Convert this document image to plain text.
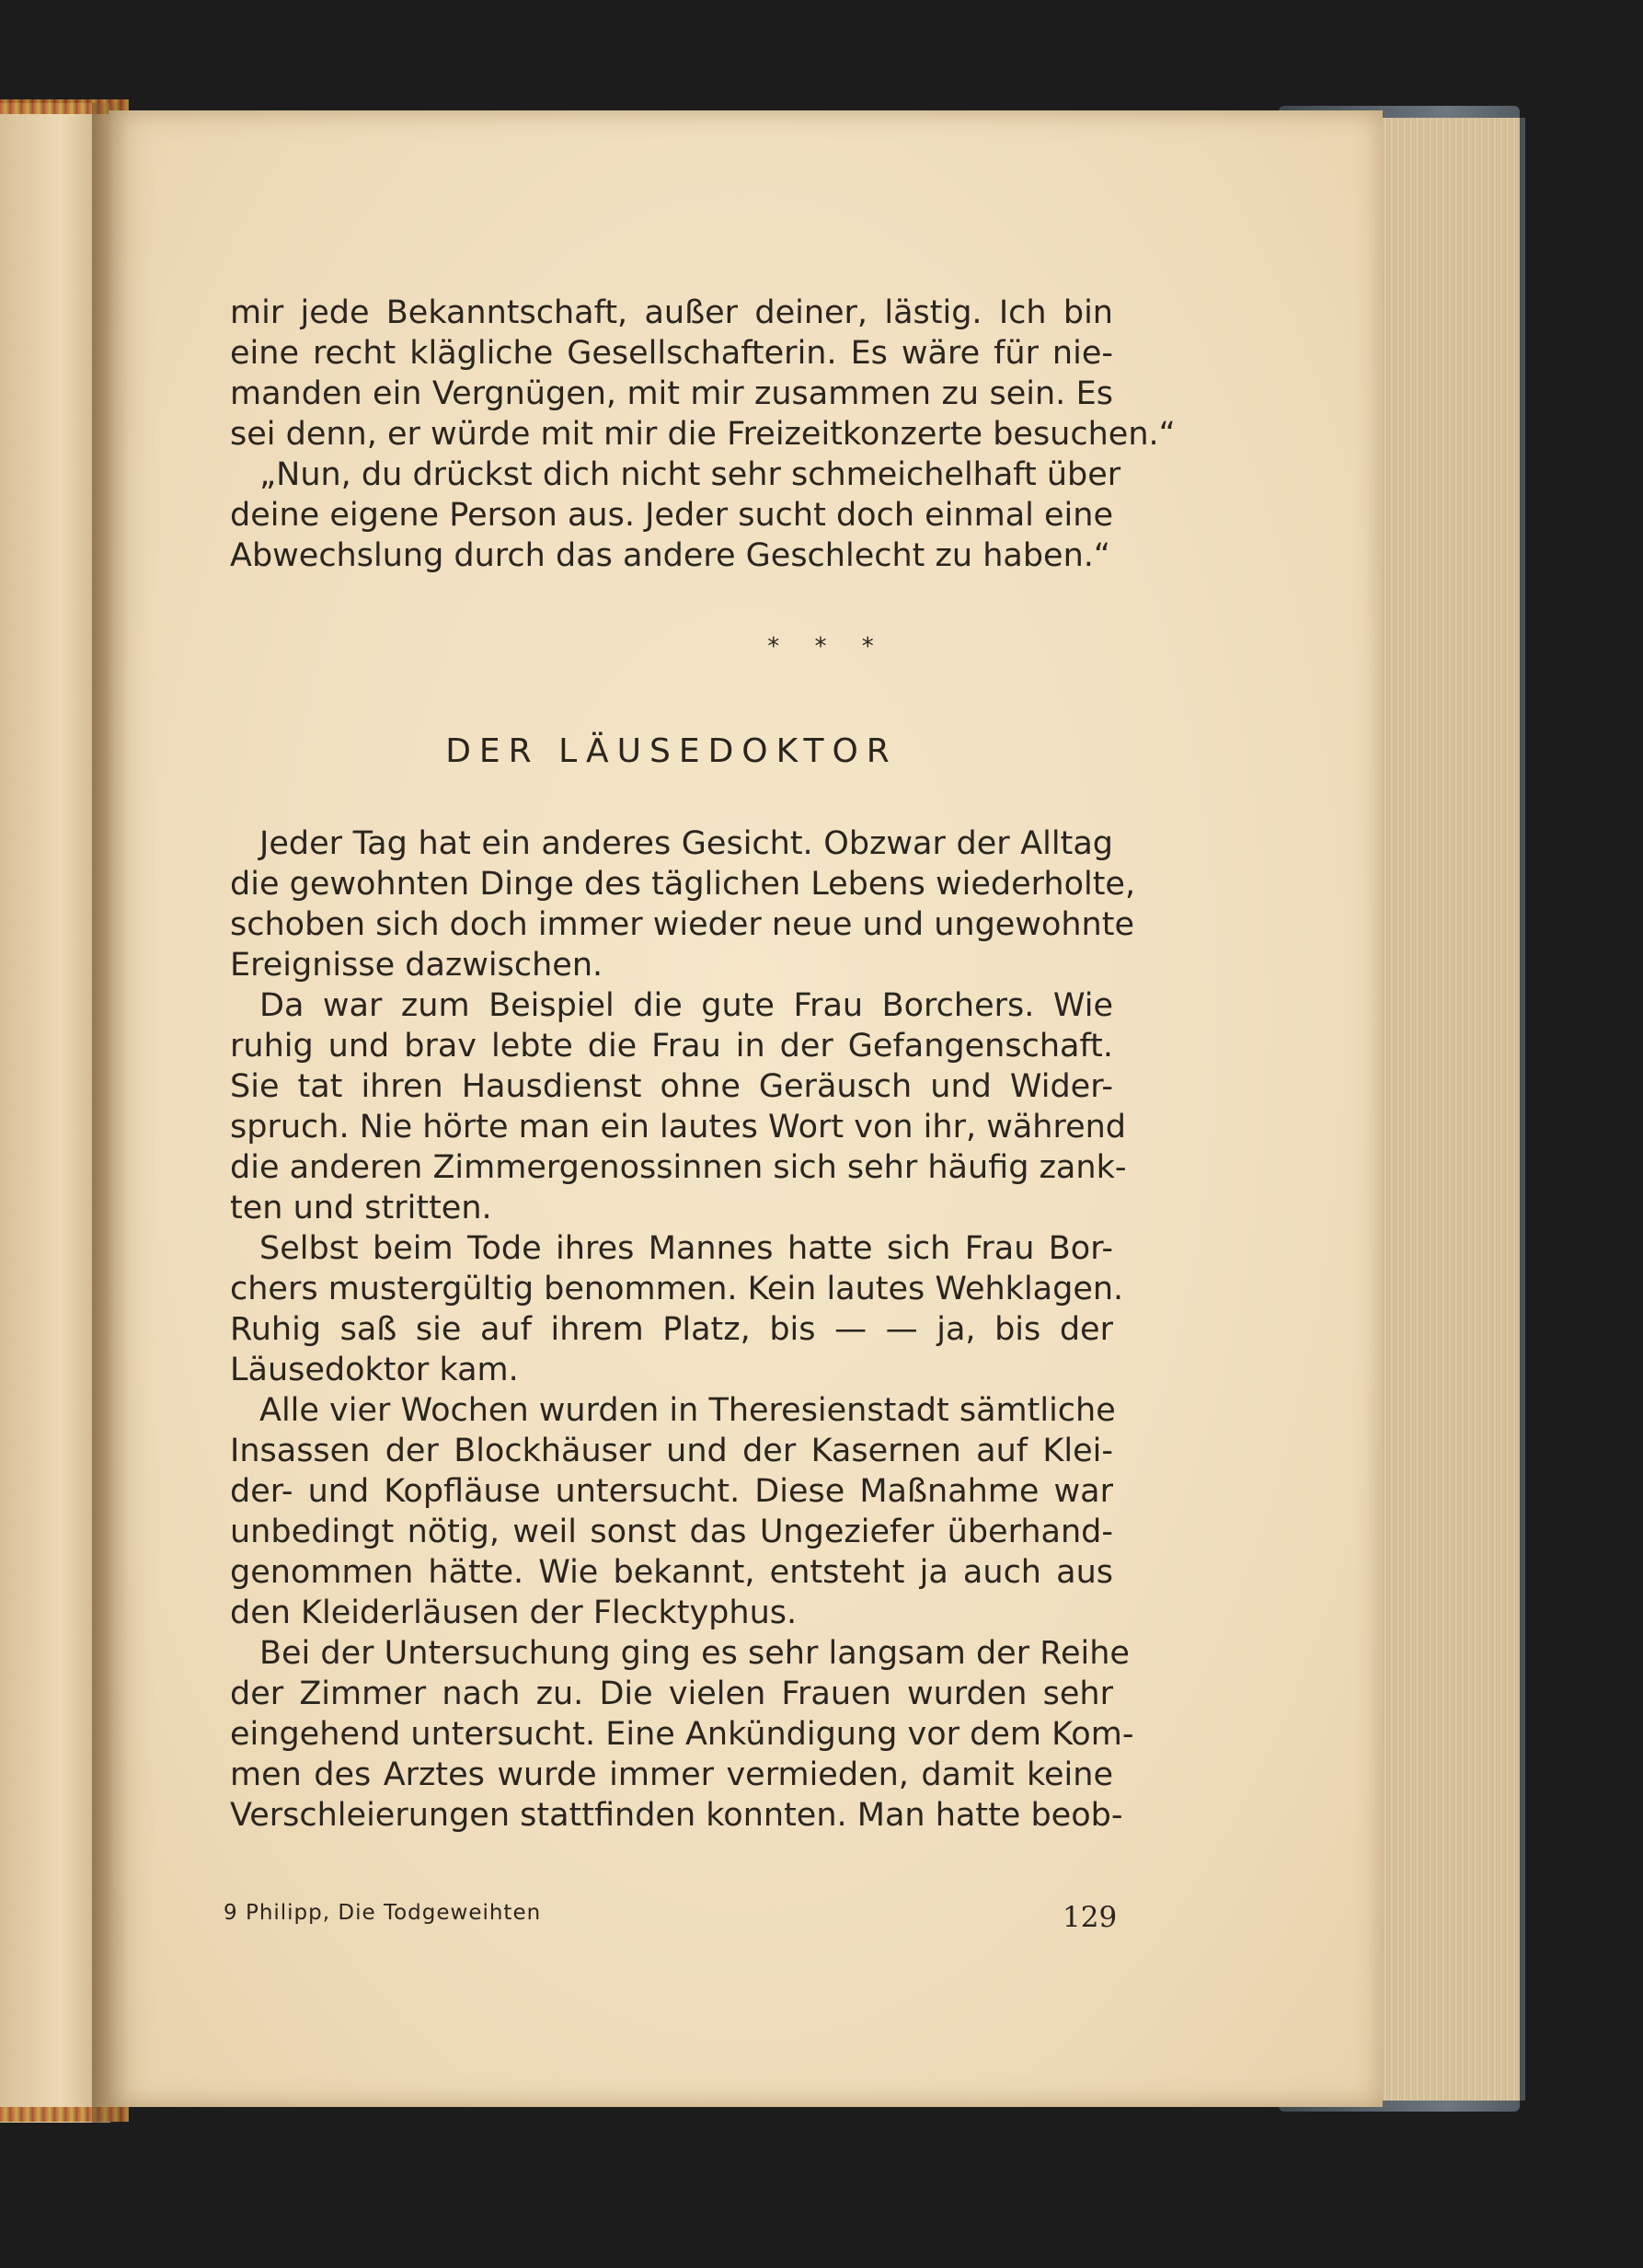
mir jede Bekanntschaft, außer deiner, lästig. Ich bin
eine recht klägliche Gesellschafterin. Es wäre für nie-
manden ein Vergnügen, mit mir zusammen zu sein. Es
sei denn, er würde mit mir die Freizeitkonzerte besuchen.“
„Nun, du drückst dich nicht sehr schmeichelhaft über
deine eigene Person aus. Jeder sucht doch einmal eine
Abwechslung durch das andere Geschlecht zu haben.“
* * *
DER LÄUSEDOKTOR
Jeder Tag hat ein anderes Gesicht. Obzwar der Alltag
die gewohnten Dinge des täglichen Lebens wiederholte,
schoben sich doch immer wieder neue und ungewohnte
Ereignisse dazwischen.
Da war zum Beispiel die gute Frau Borchers. Wie
ruhig und brav lebte die Frau in der Gefangenschaft.
Sie tat ihren Hausdienst ohne Geräusch und Wider-
spruch. Nie hörte man ein lautes Wort von ihr, während
die anderen Zimmergenossinnen sich sehr häufig zank-
ten und stritten.
Selbst beim Tode ihres Mannes hatte sich Frau Bor-
chers mustergültig benommen. Kein lautes Wehklagen.
Ruhig saß sie auf ihrem Platz, bis — — ja, bis der
Läusedoktor kam.
Alle vier Wochen wurden in Theresienstadt sämtliche
Insassen der Blockhäuser und der Kasernen auf Klei-
der- und Kopfläuse untersucht. Diese Maßnahme war
unbedingt nötig, weil sonst das Ungeziefer überhand-
genommen hätte. Wie bekannt, entsteht ja auch aus
den Kleiderläusen der Flecktyphus.
Bei der Untersuchung ging es sehr langsam der Reihe
der Zimmer nach zu. Die vielen Frauen wurden sehr
eingehend untersucht. Eine Ankündigung vor dem Kom-
men des Arztes wurde immer vermieden, damit keine
Verschleierungen stattfinden konnten. Man hatte beob-
9 Philipp, Die Todgeweihten	129
